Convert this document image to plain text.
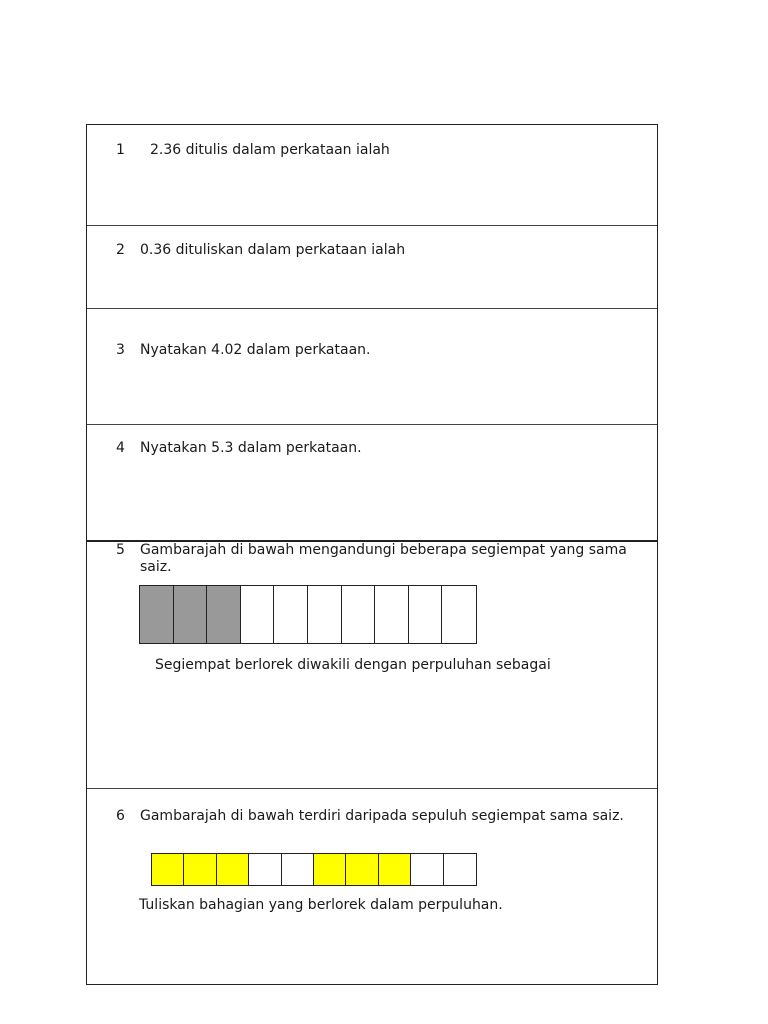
1 2.36 ditulis dalam perkataan ialah
2 0.36 dituliskan dalam perkataan ialah
3 Nyatakan 4.02 dalam perkataan.
4 Nyatakan 5.3 dalam perkataan.
5 Gambarajah di bawah mengandungi beberapa segiempat yang sama saiz.
Segiempat berlorek diwakili dengan perpuluhan sebagai
6 Gambarajah di bawah terdiri daripada sepuluh segiempat sama saiz.
Tuliskan bahagian yang berlorek dalam perpuluhan.
